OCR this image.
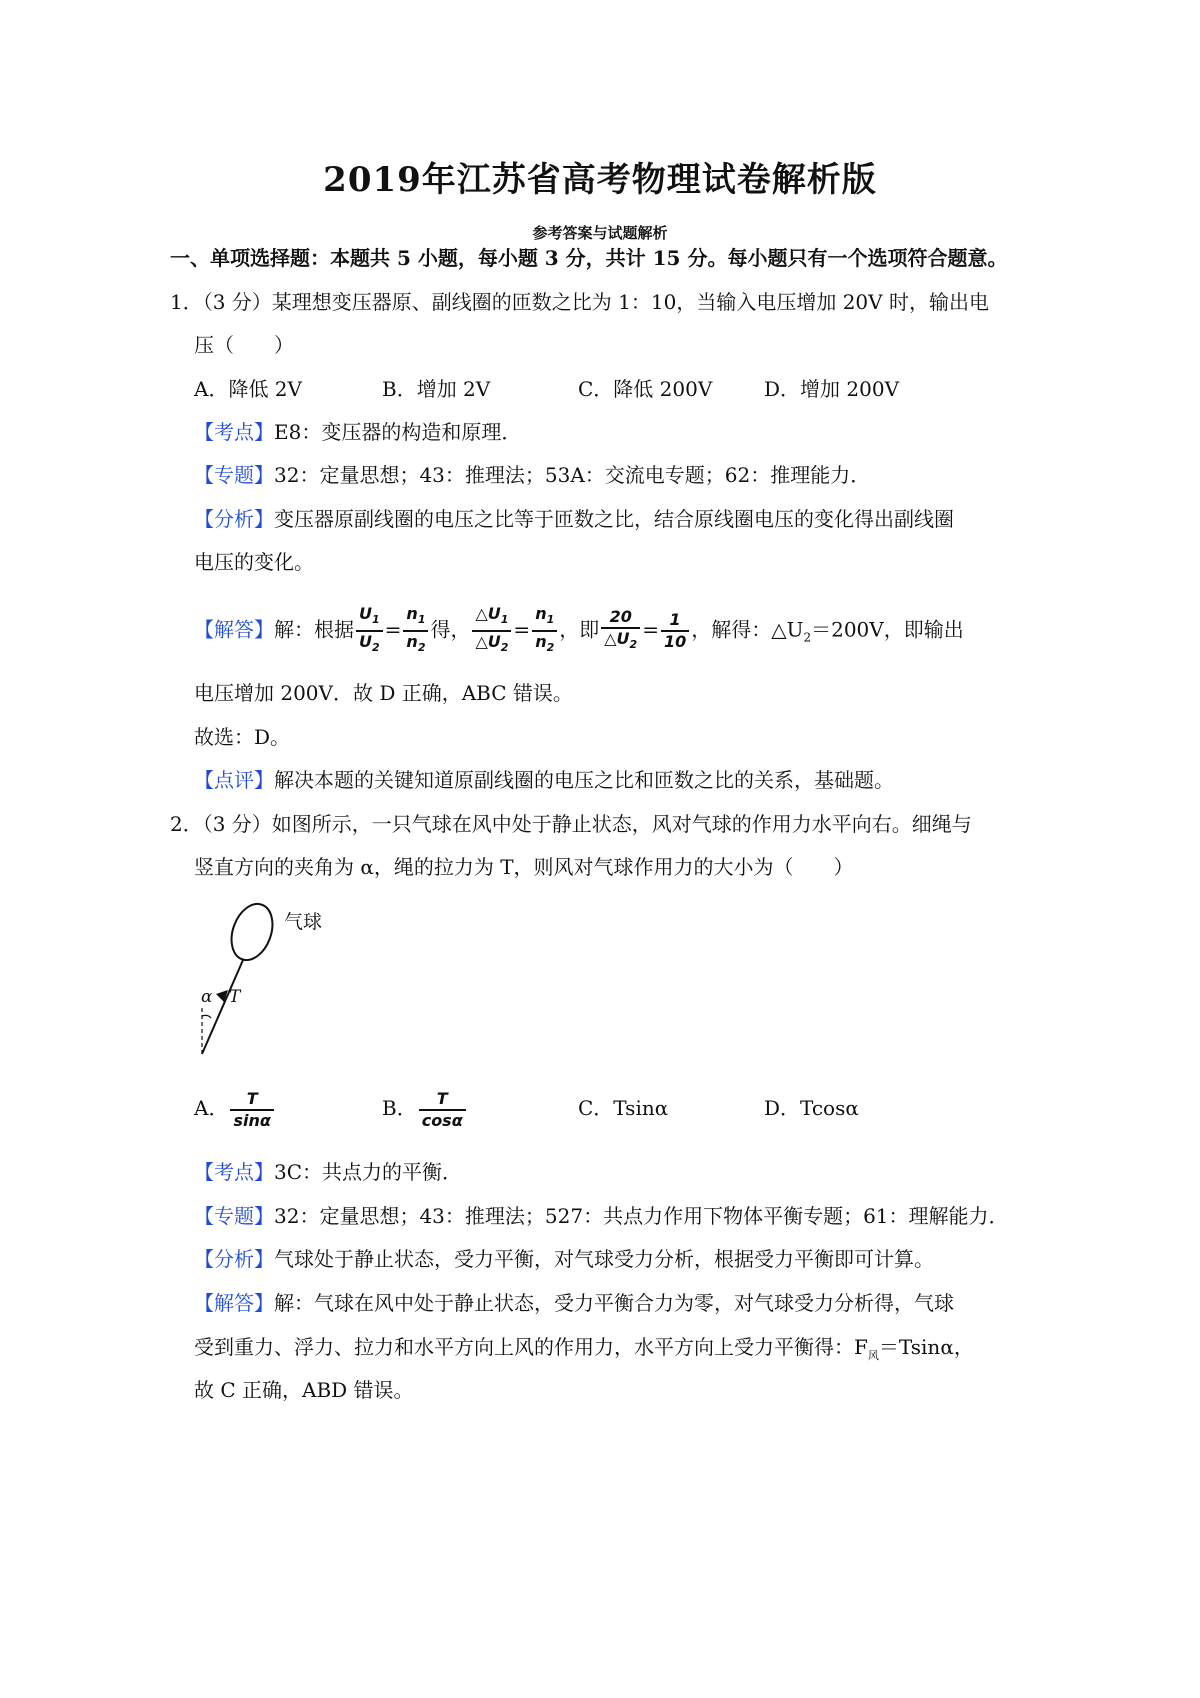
2019年江苏省高考物理试卷解析版
参考答案与试题解析
一、单项选择题：本题共 5 小题，每小题 3 分，共计 15 分。每小题只有一个选项符合题意。
1．（3 分）某理想变压器原、副线圈的匝数之比为 1：10，当输入电压增加 20V 时，输出电
压（　　）
A．降低 2V	B．增加 2V	C．降低 200V	D．增加 200V
【考点】E8：变压器的构造和原理．
【专题】32：定量思想；43：推理法；53A：交流电专题；62：推理能力．
【分析】变压器原副线圈的电压之比等于匝数之比，结合原线圈电压的变化得出副线圈
电压的变化。
【解答】解：根据 $\frac{U_1}{U_2} = \frac{n_1}{n_2}$ 得， $\frac{\triangle U_1}{\triangle U_2} = \frac{n_1}{n_2}$ ，即 $\frac{20}{\triangle U_2} = \frac{1}{10}$ ，解得：$\triangle U_2=200V$，即输出
电压增加 200V．故 D 正确，ABC 错误。
故选：D。
【点评】解决本题的关键知道原副线圈的电压之比和匝数之比的关系，基础题。
2．（3 分）如图所示，一只气球在风中处于静止状态，风对气球的作用力水平向右。细绳与
竖直方向的夹角为 α，绳的拉力为 T，则风对气球作用力的大小为（　　）
气球
α T
A． $\frac{T}{\sin\alpha}$	B． $\frac{T}{\cos\alpha}$	C．Tsinα	D．Tcosα
【考点】3C：共点力的平衡．
【专题】32：定量思想；43：推理法；527：共点力作用下物体平衡专题；61：理解能力．
【分析】气球处于静止状态，受力平衡，对气球受力分析，根据受力平衡即可计算。
【解答】解：气球在风中处于静止状态，受力平衡合力为零，对气球受力分析得，气球
受到重力、浮力、拉力和水平方向上风的作用力，水平方向上受力平衡得：$F_风=Tsin\alpha$，
故 C 正确，ABD 错误。
